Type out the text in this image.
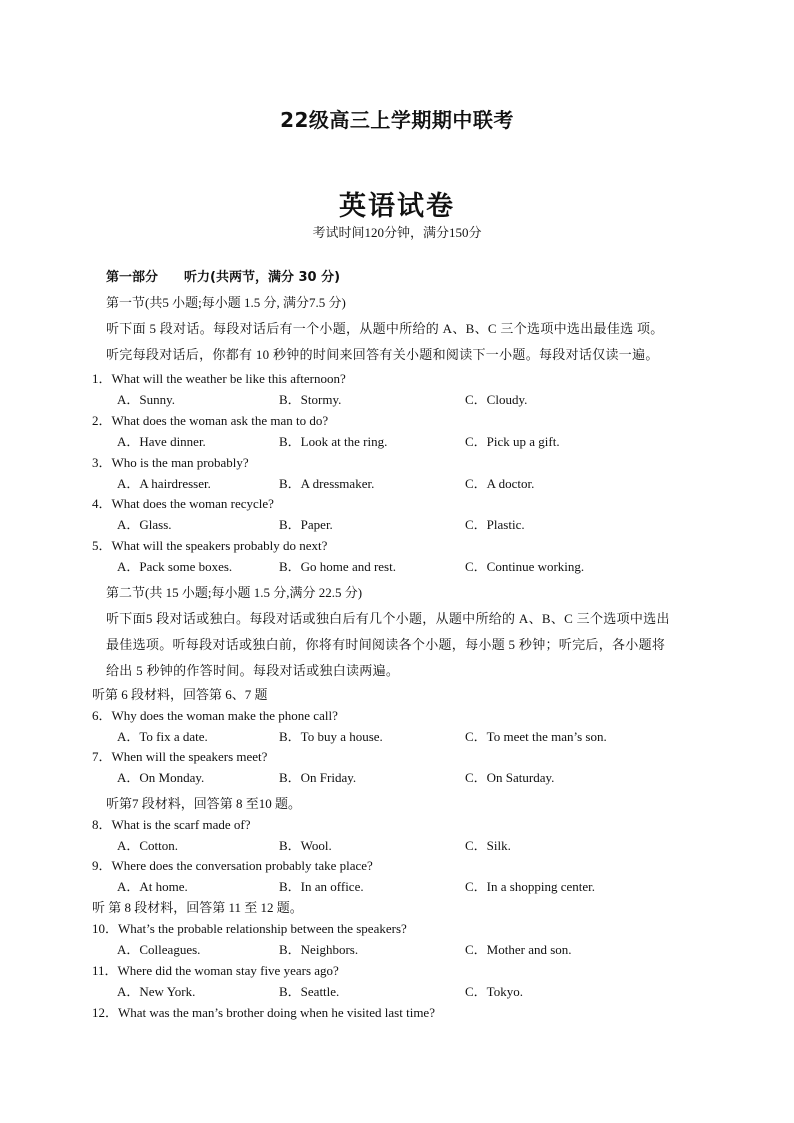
22级高三上学期期中联考
英语试卷
考试时间120分钟，满分150分
第一部分 听力(共两节，满分 30 分)
第一节(共5 小题;每小题 1.5 分, 满分7.5 分)
听下面 5 段对话。每段对话后有一个小题，从题中所给的 A、B、C 三个选项中选出最佳选 项。
听完每段对话后，你都有 10 秒钟的时间来回答有关小题和阅读下一小题。每段对话仅读一遍。
1．What will the weather be like this afternoon?
A．Sunny.	B．Stormy.	C．Cloudy.
2．What does the woman ask the man to do?
A．Have dinner.	B．Look at the ring.	C．Pick up a gift.
3．Who is the man probably?
A．A hairdresser.	B．A dressmaker.	C．A doctor.
4．What does the woman recycle?
A．Glass.	B．Paper.	C．Plastic.
5．What will the speakers probably do next?
A．Pack some boxes.	B．Go home and rest.	C．Continue working.
第二节(共 15 小题;每小题 1.5 分,满分 22.5 分)
听下面5 段对话或独白。每段对话或独白后有几个小题，从题中所给的 A、B、C 三个选项中选出
最佳选项。听每段对话或独白前，你将有时间阅读各个小题，每小题 5 秒钟；听完后，各小题将
给出 5 秒钟的作答时间。每段对话或独白读两遍。
听第 6 段材料，回答第 6、7 题
6．Why does the woman make the phone call?
A．To fix a date.	B．To buy a house.	C．To meet the man’s son.
7．When will the speakers meet?
A．On Monday.	B．On Friday.	C．On Saturday.
听第7 段材料，回答第 8 至10 题。
8．What is the scarf made of?
A．Cotton.	B．Wool.	C．Silk.
9．Where does the conversation probably take place?
A．At home.	B．In an office.	C．In a shopping center.
听 第 8 段材料，回答第 11 至 12 题。
10．What’s the probable relationship between the speakers?
A．Colleagues.	B．Neighbors.	C．Mother and son.
11．Where did the woman stay five years ago?
A．New York.	B．Seattle.	C．Tokyo.
12．What was the man’s brother doing when he visited last time?
